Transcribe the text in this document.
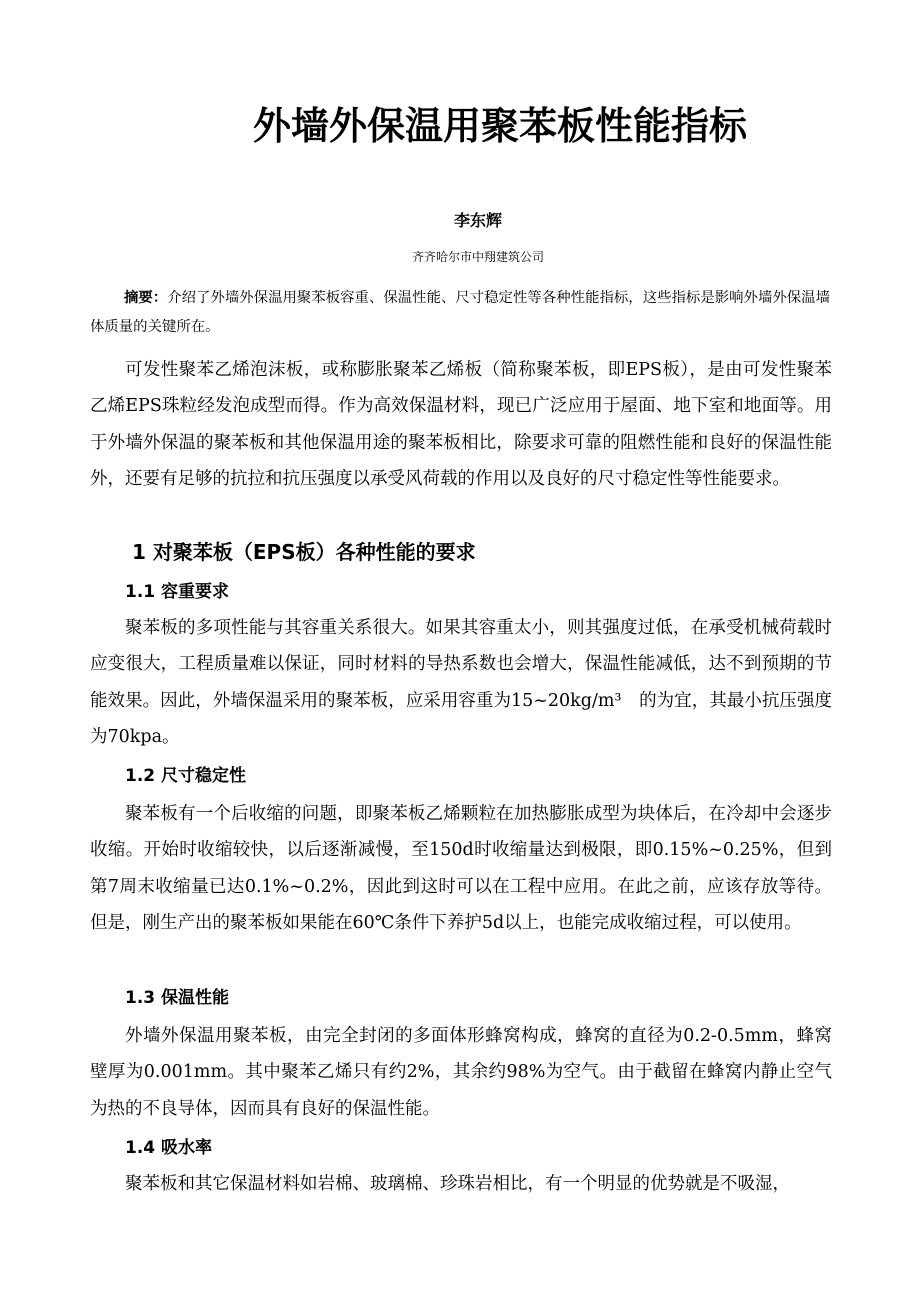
外墙外保温用聚苯板性能指标
李东辉
齐齐哈尔市中翔建筑公司
摘要：介绍了外墙外保温用聚苯板容重、保温性能、尺寸稳定性等各种性能指标，这些指标是影响外墙外保温墙体质量的关键所在。

可发性聚苯乙烯泡沫板，或称膨胀聚苯乙烯板（简称聚苯板，即EPS板），是由可发性聚苯乙烯EPS珠粒经发泡成型而得。作为高效保温材料，现已广泛应用于屋面、地下室和地面等。用于外墙外保温的聚苯板和其他保温用途的聚苯板相比，除要求可靠的阻燃性能和良好的保温性能外，还要有足够的抗拉和抗压强度以承受风荷载的作用以及良好的尺寸稳定性等性能要求。

1 对聚苯板（EPS板）各种性能的要求
1.1 容重要求

聚苯板的多项性能与其容重关系很大。如果其容重太小，则其强度过低，在承受机械荷载时应变很大，工程质量难以保证，同时材料的导热系数也会增大，保温性能减低，达不到预期的节能效果。因此，外墙保温采用的聚苯板，应采用容重为15~20kg/m³　的为宜，其最小抗压强度为70kpa。

1.2 尺寸稳定性

聚苯板有一个后收缩的问题，即聚苯板乙烯颗粒在加热膨胀成型为块体后，在冷却中会逐步收缩。开始时收缩较快，以后逐渐减慢，至150d时收缩量达到极限，即0.15%~0.25%，但到第7周末收缩量已达0.1%~0.2%，因此到这时可以在工程中应用。在此之前，应该存放等待。但是，刚生产出的聚苯板如果能在60℃条件下养护5d以上，也能完成收缩过程，可以使用。

1.3 保温性能

外墙外保温用聚苯板，由完全封闭的多面体形蜂窝构成，蜂窝的直径为0.2-0.5mm，蜂窝壁厚为0.001mm。其中聚苯乙烯只有约2%，其余约98%为空气。由于截留在蜂窝内静止空气为热的不良导体，因而具有良好的保温性能。

1.4 吸水率

聚苯板和其它保温材料如岩棉、玻璃棉、珍珠岩相比，有一个明显的优势就是不吸湿，
